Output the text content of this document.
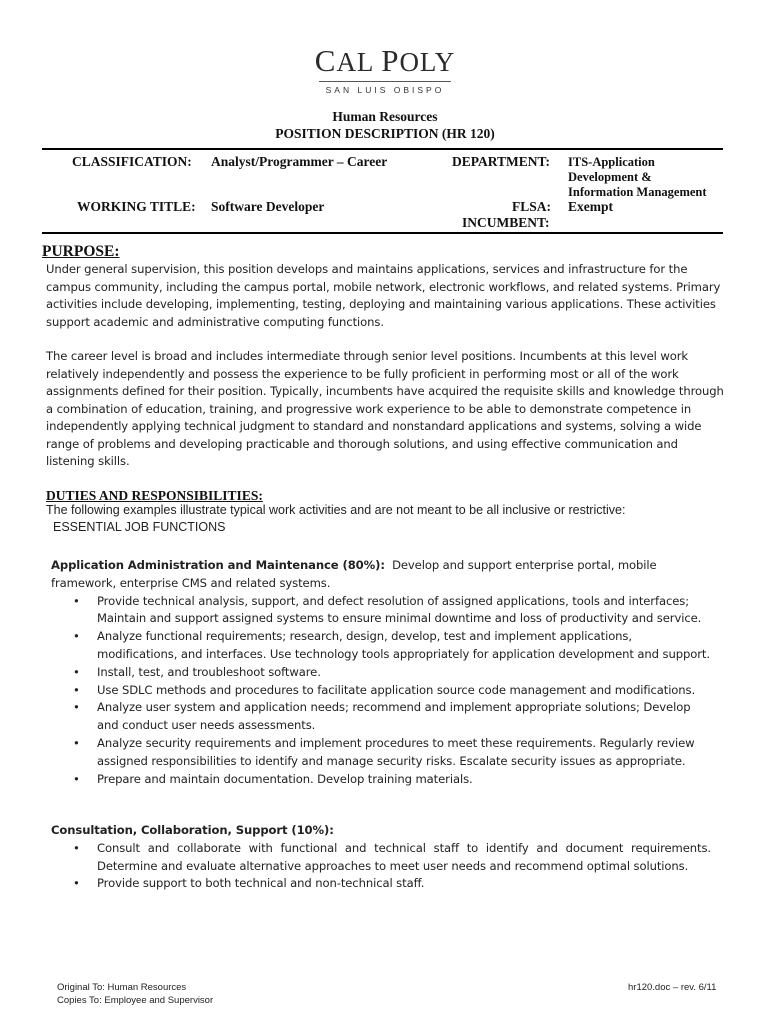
CAL POLY
SAN LUIS OBISPO
Human Resources
POSITION DESCRIPTION (HR 120)
CLASSIFICATION: Analyst/Programmer – Career
WORKING TITLE: Software Developer
DEPARTMENT: ITS-Application
Development &
Information Management
FLSA: Exempt
INCUMBENT:
PURPOSE:
Under general supervision, this position develops and maintains applications, services and infrastructure for the campus community, including the campus portal, mobile network, electronic workflows, and related systems. Primary activities include developing, implementing, testing, deploying and maintaining various applications. These activities support academic and administrative computing functions.
The career level is broad and includes intermediate through senior level positions. Incumbents at this level work relatively independently and possess the experience to be fully proficient in performing most or all of the work assignments defined for their position. Typically, incumbents have acquired the requisite skills and knowledge through a combination of education, training, and progressive work experience to be able to demonstrate competence in independently applying technical judgment to standard and nonstandard applications and systems, solving a wide range of problems and developing practicable and thorough solutions, and using effective communication and listening skills.
DUTIES AND RESPONSIBILITIES:
The following examples illustrate typical work activities and are not meant to be all inclusive or restrictive:
ESSENTIAL JOB FUNCTIONS
Application Administration and Maintenance (80%): Develop and support enterprise portal, mobile framework, enterprise CMS and related systems.
• Provide technical analysis, support, and defect resolution of assigned applications, tools and interfaces; Maintain and support assigned systems to ensure minimal downtime and loss of productivity and service.
• Analyze functional requirements; research, design, develop, test and implement applications, modifications, and interfaces. Use technology tools appropriately for application development and support.
• Install, test, and troubleshoot software.
• Use SDLC methods and procedures to facilitate application source code management and modifications.
• Analyze user system and application needs; recommend and implement appropriate solutions; Develop and conduct user needs assessments.
• Analyze security requirements and implement procedures to meet these requirements. Regularly review assigned responsibilities to identify and manage security risks. Escalate security issues as appropriate.
• Prepare and maintain documentation. Develop training materials.
Consultation, Collaboration, Support (10%):
• Consult and collaborate with functional and technical staff to identify and document requirements. Determine and evaluate alternative approaches to meet user needs and recommend optimal solutions.
• Provide support to both technical and non-technical staff.
Original To: Human Resources
Copies To: Employee and Supervisor
hr120.doc – rev. 6/11
